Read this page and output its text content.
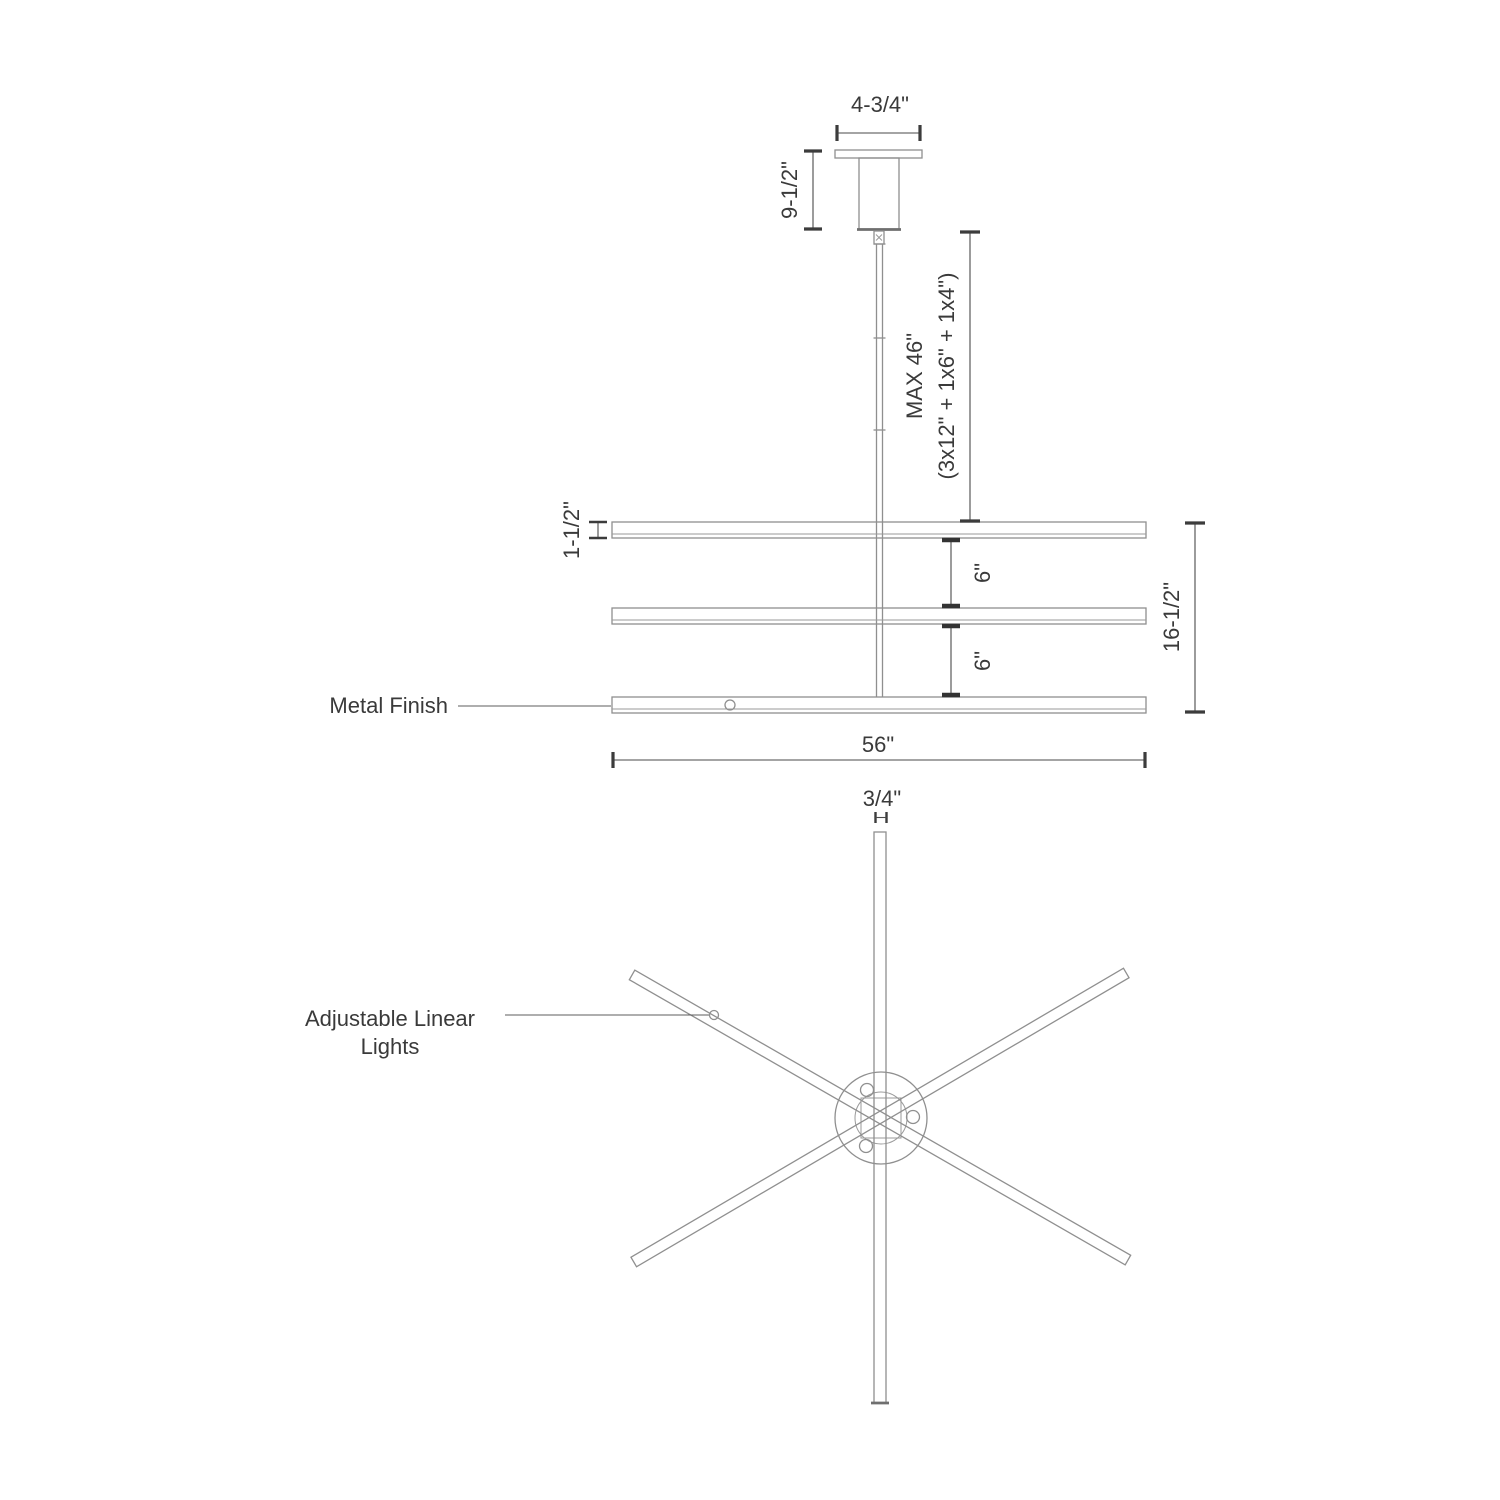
4-3/4"
9-1/2"
MAX 46" (3x12" + 1x6" + 1x4")
1-1/2"
6"
6"
16-1/2"
56"
Metal Finish
3/4"
Adjustable Linear
Lights
